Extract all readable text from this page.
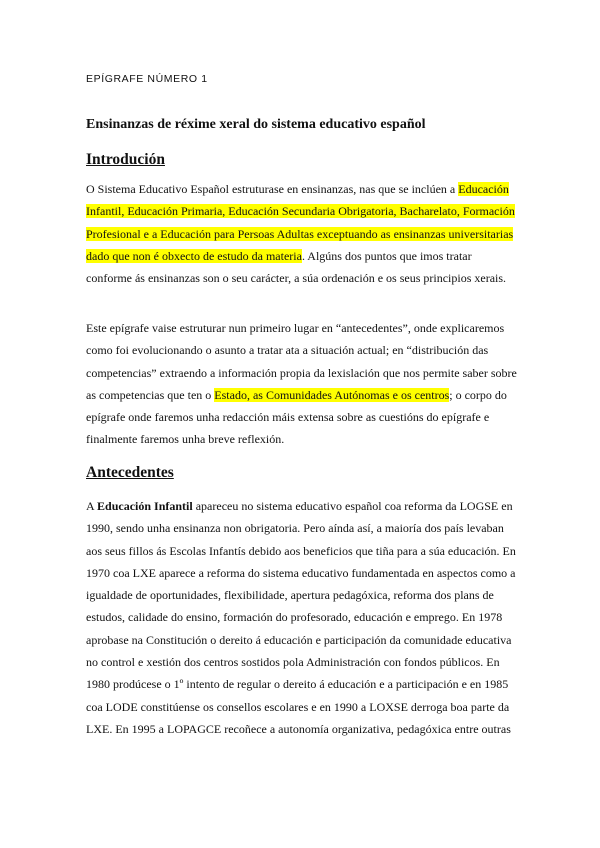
EPÍGRAFE NÚMERO 1
Ensinanzas de réxime xeral do sistema educativo español
Introdución

O Sistema Educativo Español estruturase en ensinanzas, nas que se inclúen a Educación Infantil, Educación Primaria, Educación Secundaria Obrigatoria, Bacharelato, Formación Profesional e a Educación para Persoas Adultas exceptuando as ensinanzas universitarias dado que non é obxecto de estudo da materia. Algúns dos puntos que imos tratar conforme ás ensinanzas son o seu carácter, a súa ordenación e os seus principios xerais.

Este epígrafe vaise estruturar nun primeiro lugar en “antecedentes”, onde explicaremos como foi evolucionando o asunto a tratar ata a situación actual; en “distribución das competencias” extraendo a información propia da lexislación que nos permite saber sobre as competencias que ten o Estado, as Comunidades Autónomas e os centros; o corpo do epígrafe onde faremos unha redacción máis extensa sobre as cuestións do epígrafe e finalmente faremos unha breve reflexión.

Antecedentes

A Educación Infantil apareceu no sistema educativo español coa reforma da LOGSE en 1990, sendo unha ensinanza non obrigatoria. Pero aínda así, a maioría dos país levaban aos seus fillos ás Escolas Infantís debido aos beneficios que tiña para a súa educación. En 1970 coa LXE aparece a reforma do sistema educativo fundamentada en aspectos como a igualdade de oportunidades, flexibilidade, apertura pedagóxica, reforma dos plans de estudos, calidade do ensino, formación do profesorado, educación e emprego. En 1978 aprobase na Constitución o dereito á educación e participación da comunidade educativa no control e xestión dos centros sostidos pola Administración con fondos públicos. En 1980 prodúcese o 1º intento de regular o dereito á educación e a participación e en 1985 coa LODE constitúense os consellos escolares e en 1990 a LOXSE derroga boa parte da LXE. En 1995 a LOPAGCE recoñece a autonomía organizativa, pedagóxica entre outras
